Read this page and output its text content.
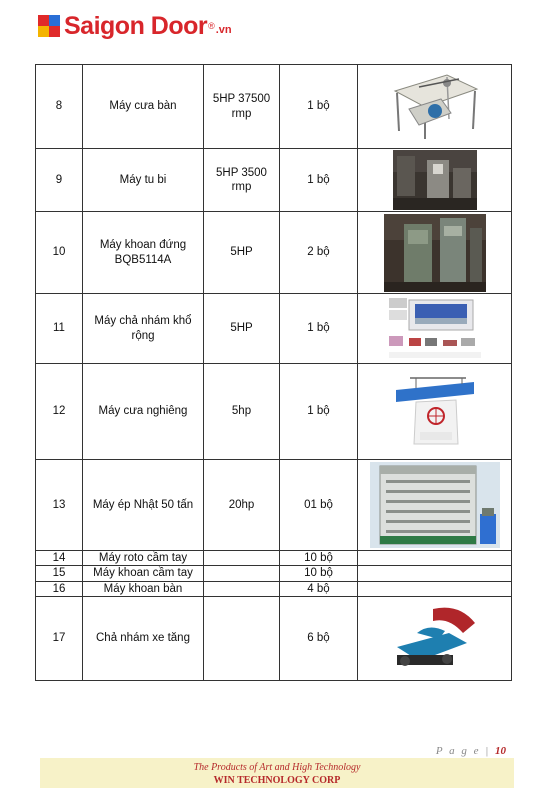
Saigon Door ® .vn
8	Máy cưa bàn	5HP 37500 rmp	1 bộ	

9	Máy tu bi	5HP 3500 rmp	1 bộ	

10	Máy khoan đứng BQB5114A	5HP	2 bộ	

11	Máy chả nhám khổ rộng	5HP	1 bộ	

12	Máy cưa nghiêng	5hp	1 bộ	

13	Máy ép Nhật 50 tấn	20hp	01 bộ	

14	Máy roto cầm tay		10 bộ	
15	Máy khoan cầm tay		10 bộ	
16	Máy khoan bàn		4 bộ	
17	Chả nhám xe tăng		6 bộ	
P a g e | 10
The Products of Art and High Technology
WIN TECHNOLOGY CORP
